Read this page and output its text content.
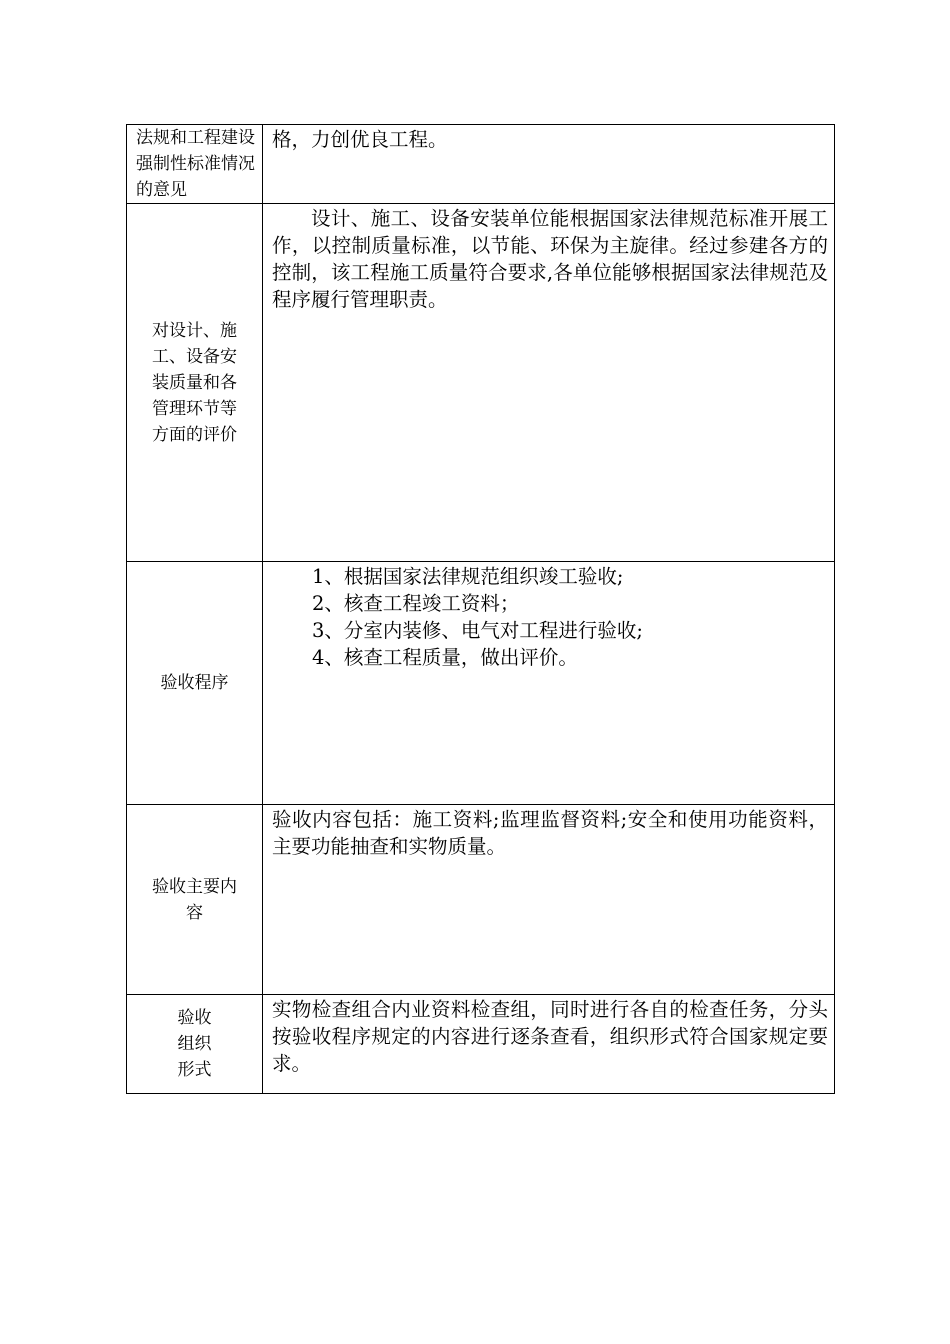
法规和工程建设强制性标准情况的意见	格，力创优良工程。

对设计、施工、设备安装质量和各管理环节等方面的评价	设计、施工、设备安装单位能根据国家法律规范标准开展工作，以控制质量标准，以节能、环保为主旋律。经过参建各方的控制，该工程施工质量符合要求,各单位能够根据国家法律规范及程序履行管理职责。

验收程序	1、根据国家法律规范组织竣工验收;
2、核查工程竣工资料；
3、分室内装修、电气对工程进行验收;
4、核查工程质量，做出评价。

验收主要内容	验收内容包括：施工资料;监理监督资料;安全和使用功能资料，主要功能抽查和实物质量。

验收组织形式	实物检查组合内业资料检查组，同时进行各自的检查任务，分头按验收程序规定的内容进行逐条查看，组织形式符合国家规定要求。
